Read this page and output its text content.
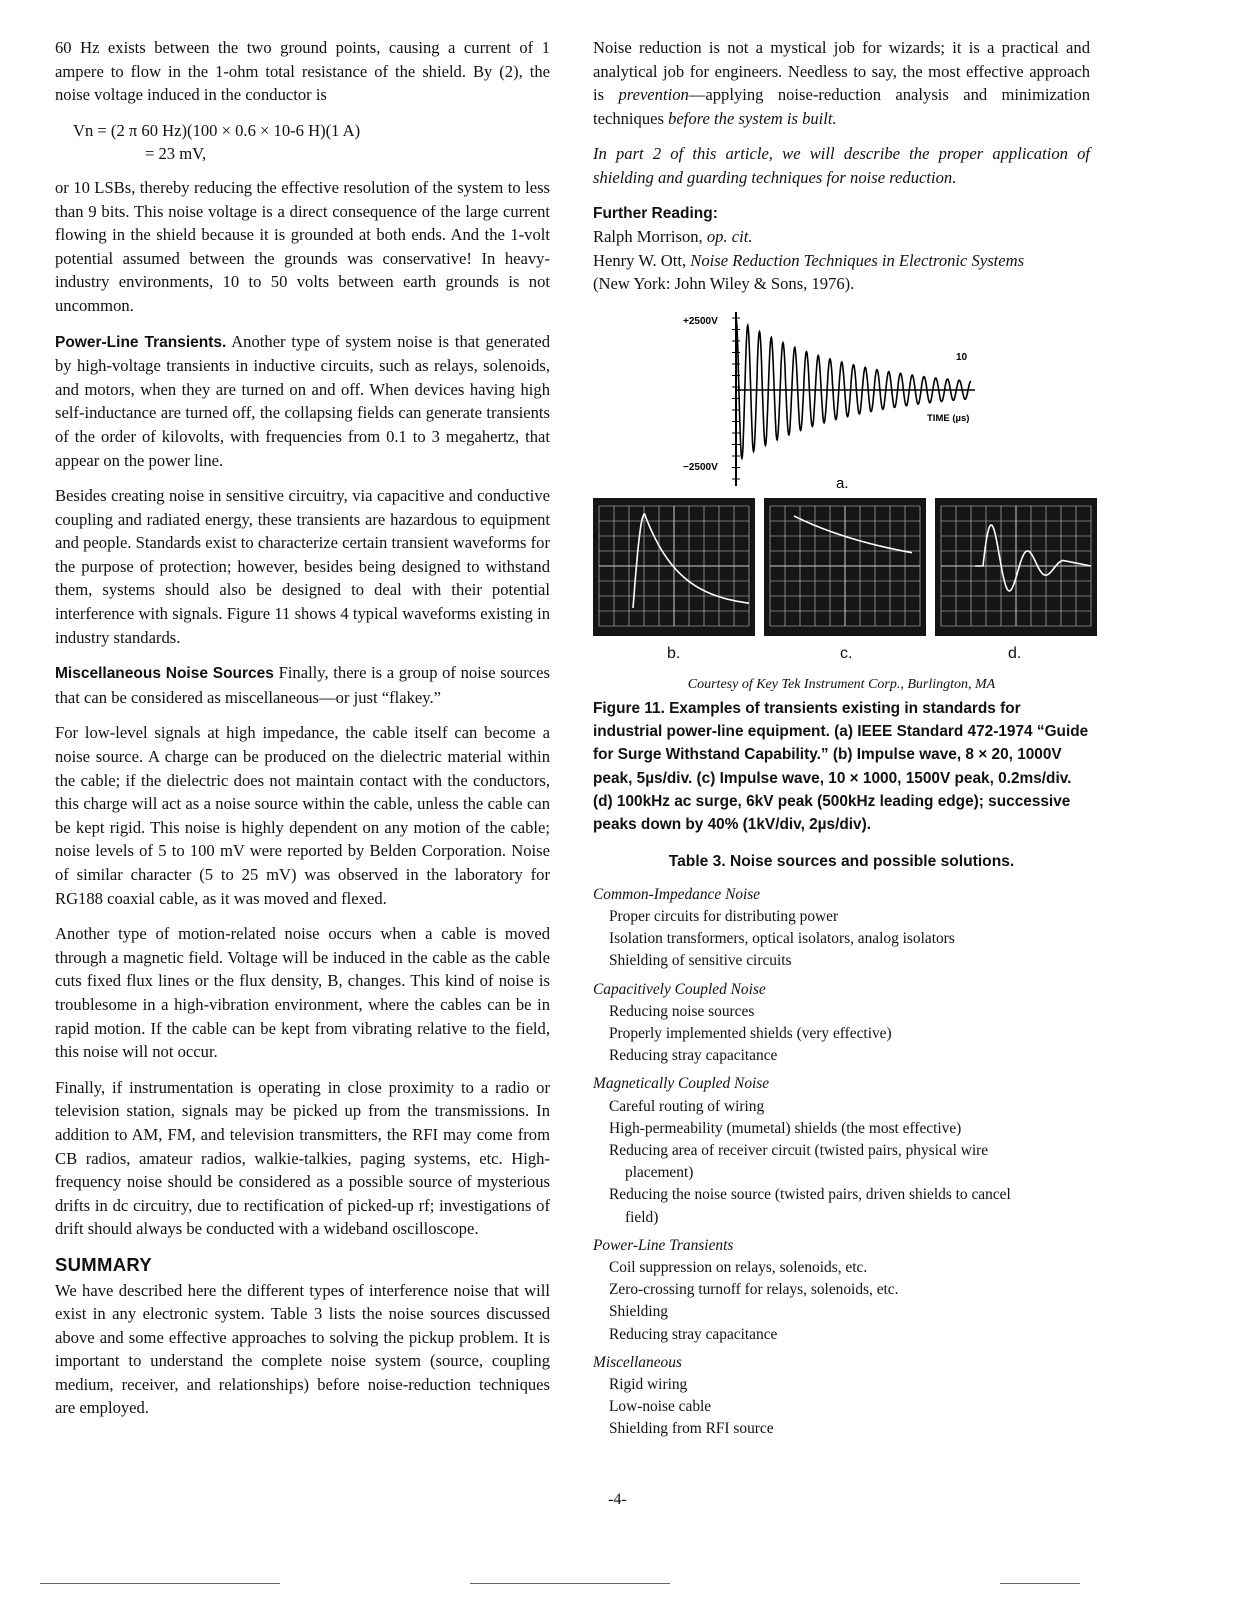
60 Hz exists between the two ground points, causing a current of 1 ampere to flow in the 1-ohm total resistance of the shield. By (2), the noise voltage induced in the conductor is

Vn = (2 π 60 Hz)(100 × 0.6 × 10-6 H)(1 A)
= 23 mV,

or 10 LSBs, thereby reducing the effective resolution of the system to less than 9 bits. This noise voltage is a direct consequence of the large current flowing in the shield because it is grounded at both ends. And the 1-volt potential assumed between the grounds was conservative! In heavy-industry environments, 10 to 50 volts between earth grounds is not uncommon.

Power-Line Transients. Another type of system noise is that generated by high-voltage transients in inductive circuits, such as relays, solenoids, and motors, when they are turned on and off. When devices having high self-inductance are turned off, the collapsing fields can generate transients of the order of kilovolts, with frequencies from 0.1 to 3 megahertz, that appear on the power line.

Besides creating noise in sensitive circuitry, via capacitive and conductive coupling and radiated energy, these transients are hazardous to equipment and people. Standards exist to characterize certain transient waveforms for the purpose of protection; however, besides being designed to withstand them, systems should also be designed to deal with their potential interference with signals. Figure 11 shows 4 typical waveforms existing in industry standards.

Miscellaneous Noise Sources Finally, there is a group of noise sources that can be considered as miscellaneous—or just “flakey.”

For low-level signals at high impedance, the cable itself can become a noise source. A charge can be produced on the dielectric material within the cable; if the dielectric does not maintain contact with the conductors, this charge will act as a noise source within the cable, unless the cable can be kept rigid. This noise is highly dependent on any motion of the cable; noise levels of 5 to 100 mV were reported by Belden Corporation. Noise of similar character (5 to 25 mV) was observed in the laboratory for RG188 coaxial cable, as it was moved and flexed.

Another type of motion-related noise occurs when a cable is moved through a magnetic field. Voltage will be induced in the cable as the cable cuts fixed flux lines or the flux density, B, changes. This kind of noise is troublesome in a high-vibration environment, where the cables can be in rapid motion. If the cable can be kept from vibrating relative to the field, this noise will not occur.

Finally, if instrumentation is operating in close proximity to a radio or television station, signals may be picked up from the transmissions. In addition to AM, FM, and television transmitters, the RFI may come from CB radios, amateur radios, walkie-talkies, paging systems, etc. High-frequency noise should be considered as a possible source of mysterious drifts in dc circuitry, due to rectification of picked-up rf; investigations of drift should always be conducted with a wideband oscilloscope.

SUMMARY

We have described here the different types of interference noise that will exist in any electronic system. Table 3 lists the noise sources discussed above and some effective approaches to solving the pickup problem. It is important to understand the complete noise system (source, coupling medium, receiver, and relationships) before noise-reduction techniques are employed.

Noise reduction is not a mystical job for wizards; it is a practical and analytical job for engineers. Needless to say, the most effective approach is prevention—applying noise-reduction analysis and minimization techniques before the system is built.

In part 2 of this article, we will describe the proper application of shielding and guarding techniques for noise reduction.

Further Reading:
Ralph Morrison, op. cit.
Henry W. Ott, Noise Reduction Techniques in Electronic Systems
(New York: John Wiley & Sons, 1976).
+2500V
−2500V
10
TIME (µs)
a.
b.	c.	d.

Courtesy of Key Tek Instrument Corp., Burlington, MA

Figure 11. Examples of transients existing in standards for industrial power-line equipment. (a) IEEE Standard 472-1974 “Guide for Surge Withstand Capability.” (b) Impulse wave, 8 × 20, 1000V peak, 5µs/div. (c) Impulse wave, 10 × 1000, 1500V peak, 0.2ms/div. (d) 100kHz ac surge, 6kV peak (500kHz leading edge); successive peaks down by 40% (1kV/div, 2µs/div).

Table 3. Noise sources and possible solutions.
Common-Impedance Noise
Proper circuits for distributing power
Isolation transformers, optical isolators, analog isolators
Shielding of sensitive circuits
Capacitively Coupled Noise
Reducing noise sources
Properly implemented shields (very effective)
Reducing stray capacitance
Magnetically Coupled Noise
Careful routing of wiring
High-permeability (mumetal) shields (the most effective)
Reducing area of receiver circuit (twisted pairs, physical wire
placement)
Reducing the noise source (twisted pairs, driven shields to cancel
field)
Power-Line Transients
Coil suppression on relays, solenoids, etc.
Zero-crossing turnoff for relays, solenoids, etc.
Shielding
Reducing stray capacitance
Miscellaneous
Rigid wiring
Low-noise cable
Shielding from RFI source
-4-
